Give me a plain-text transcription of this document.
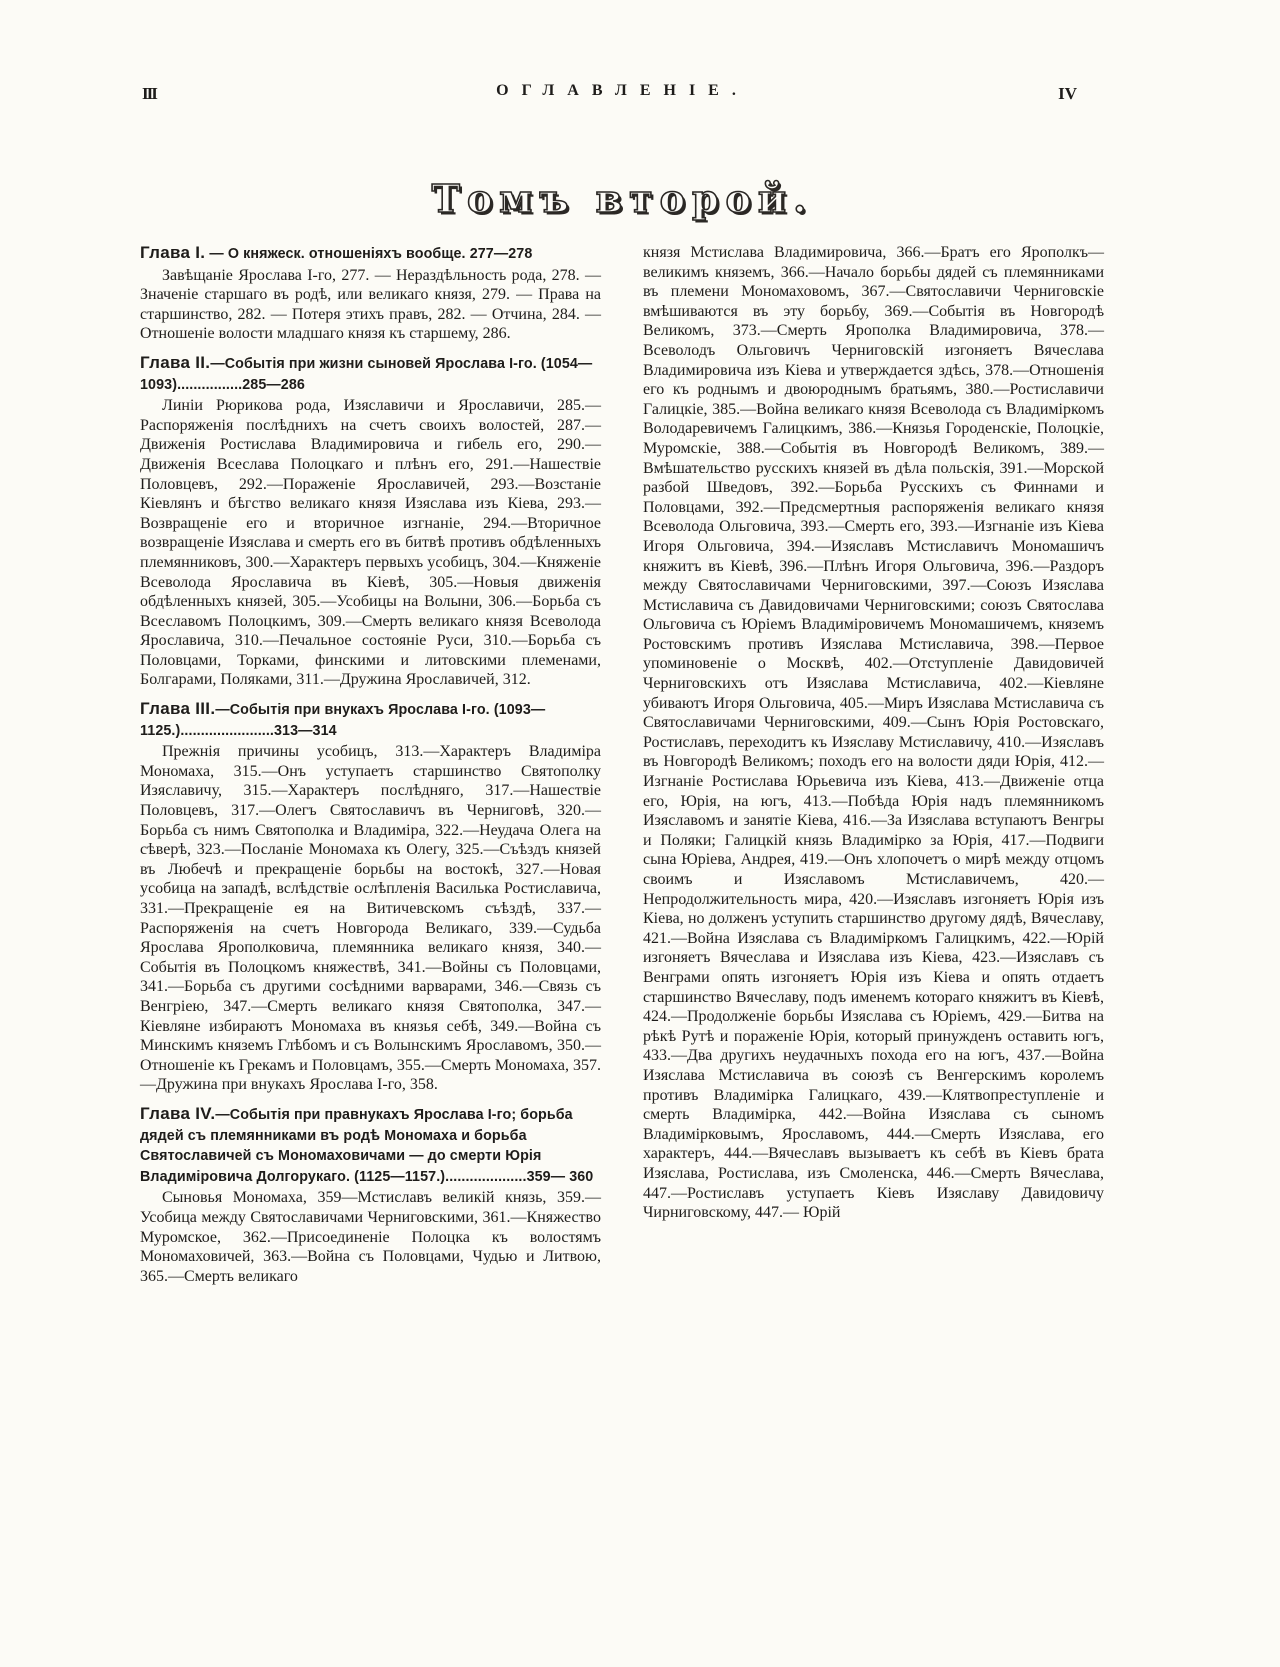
III	ОГЛАВЛЕНІЕ.	IV
Томъ второй.

Глава I. — О княжеск. отношеніяхъ вообще. 277—278

Завѣщаніе Ярослава I-го, 277. — Нераздѣльность рода, 278. — Значеніе старшаго въ родѣ, или великаго князя, 279. — Права на старшинство, 282. — Потеря этихъ правъ, 282. — Отчина, 284. — Отношеніе волости младшаго князя къ старшему, 286.

Глава II.—Событія при жизни сыновей Ярослава I-го. (1054—1093)................285—286

Линіи Рюрикова рода, Изяславичи и Ярославичи, 285.—Распоряженія послѣднихъ на счетъ своихъ волостей, 287.—Движенія Ростислава Владимировича и гибель его, 290.—Движенія Всеслава Полоцкаго и плѣнъ его, 291.—Нашествіе Половцевъ, 292.—Пораженіе Ярославичей, 293.—Возстаніе Кіевлянъ и бѣгство великаго князя Изяслава изъ Кіева, 293.—Возвращеніе его и вторичное изгнаніе, 294.—Вторичное возвращеніе Изяслава и смерть его въ битвѣ противъ обдѣленныхъ племянниковъ, 300.—Характеръ первыхъ усобицъ, 304.—Княженіе Всеволода Ярославича въ Кіевѣ, 305.—Новыя движенія обдѣленныхъ князей, 305.—Усобицы на Волыни, 306.—Борьба съ Всеславомъ Полоцкимъ, 309.—Смерть великаго князя Всеволода Ярославича, 310.—Печальное состояніе Руси, 310.—Борьба съ Половцами, Торками, финскими и литовскими племенами, Болгарами, Поляками, 311.—Дружина Ярославичей, 312.

Глава III.—Событія при внукахъ Ярослава I-го. (1093—1125.).......................313—314

Прежнія причины усобицъ, 313.—Характеръ Владиміра Мономаха, 315.—Онъ уступаетъ старшинство Святополку Изяславичу, 315.—Характеръ послѣдняго, 317.—Нашествіе Половцевъ, 317.—Олегъ Святославичъ въ Черниговѣ, 320.—Борьба съ нимъ Святополка и Владиміра, 322.—Неудача Олега на сѣверѣ, 323.—Посланіе Мономаха къ Олегу, 325.—Съѣздъ князей въ Любечѣ и прекращеніе борьбы на востокѣ, 327.—Новая усобица на западѣ, вслѣдствіе ослѣпленія Василька Ростиславича, 331.—Прекращеніе ея на Витичевскомъ съѣздѣ, 337.—Распоряженія на счетъ Новгорода Великаго, 339.—Судьба Ярослава Ярополковича, племянника великаго князя, 340.—Событія въ Полоцкомъ княжествѣ, 341.—Войны съ Половцами, 341.—Борьба съ другими сосѣдними варварами, 346.—Связь съ Венгріею, 347.—Смерть великаго князя Святополка, 347.—Кіевляне избираютъ Мономаха въ князья себѣ, 349.—Война съ Минскимъ княземъ Глѣбомъ и съ Волынскимъ Ярославомъ, 350.—Отношеніе къ Грекамъ и Половцамъ, 355.—Смерть Мономаха, 357.—Дружина при внукахъ Ярослава I-го, 358.

Глава IV.—Событія при правнукахъ Ярослава I-го; борьба дядей съ племянниками въ родѣ Мономаха и борьба Святославичей съ Мономаховичами — до смерти Юрія Владиміровича Долгорукаго. (1125—1157.)....................359— 360

Сыновья Мономаха, 359—Мстиславъ великій князь, 359.—Усобица между Святославичами Черниговскими, 361.—Княжество Муромское, 362.—Присоединеніе Полоцка къ волостямъ Мономаховичей, 363.—Война съ Половцами, Чудью и Литвою, 365.—Смерть великаго

князя Мстислава Владимировича, 366.—Братъ его Ярополкъ—великимъ княземъ, 366.—Начало борьбы дядей съ племянниками въ племени Мономаховомъ, 367.—Святославичи Черниговскіе вмѣшиваются въ эту борьбу, 369.—Событія въ Новгородѣ Великомъ, 373.—Смерть Ярополка Владимировича, 378.—Всеволодъ Ольговичъ Черниговскій изгоняетъ Вячеслава Владимировича изъ Кіева и утверждается здѣсь, 378.—Отношенія его къ роднымъ и двоюроднымъ братьямъ, 380.—Ростиславичи Галицкіе, 385.—Война великаго князя Всеволода съ Владиміркомъ Володаревичемъ Галицкимъ, 386.—Князья Городенскіе, Полоцкіе, Муромскіе, 388.—Событія въ Новгородѣ Великомъ, 389.—Вмѣшательство русскихъ князей въ дѣла польскія, 391.—Морской разбой Шведовъ, 392.—Борьба Русскихъ съ Финнами и Половцами, 392.—Предсмертныя распоряженія великаго князя Всеволода Ольговича, 393.—Смерть его, 393.—Изгнаніе изъ Кіева Игоря Ольговича, 394.—Изяславъ Мстиславичъ Мономашичъ княжитъ въ Кіевѣ, 396.—Плѣнъ Игоря Ольговича, 396.—Раздоръ между Святославичами Черниговскими, 397.—Союзъ Изяслава Мстиславича съ Давидовичами Черниговскими; союзъ Святослава Ольговича съ Юріемъ Владиміровичемъ Мономашичемъ, княземъ Ростовскимъ противъ Изяслава Мстиславича, 398.—Первое упоминовеніе о Москвѣ, 402.—Отступленіе Давидовичей Черниговскихъ отъ Изяслава Мстиславича, 402.—Кіевляне убиваютъ Игоря Ольговича, 405.—Миръ Изяслава Мстиславича съ Святославичами Черниговскими, 409.—Сынъ Юрія Ростовскаго, Ростиславъ, переходитъ къ Изяславу Мстиславичу, 410.—Изяславъ въ Новгородѣ Великомъ; походъ его на волости дяди Юрія, 412.—Изгнаніе Ростислава Юрьевича изъ Кіева, 413.—Движеніе отца его, Юрія, на югъ, 413.—Побѣда Юрія надъ племянникомъ Изяславомъ и занятіе Кіева, 416.—За Изяслава вступаютъ Венгры и Поляки; Галицкій князь Владимірко за Юрія, 417.—Подвиги сына Юріева, Андрея, 419.—Онъ хлопочетъ о мирѣ между отцомъ своимъ и Изяславомъ Мстиславичемъ, 420.—Непродолжительность мира, 420.—Изяславъ изгоняетъ Юрія изъ Кіева, но долженъ уступить старшинство другому дядѣ, Вячеславу, 421.—Война Изяслава съ Владиміркомъ Галицкимъ, 422.—Юрій изгоняетъ Вячеслава и Изяслава изъ Кіева, 423.—Изяславъ съ Венграми опять изгоняетъ Юрія изъ Кіева и опять отдаетъ старшинство Вячеславу, подъ именемъ котораго княжитъ въ Кіевѣ, 424.—Продолженіе борьбы Изяслава съ Юріемъ, 429.—Битва на рѣкѣ Рутѣ и пораженіе Юрія, который принужденъ оставить югъ, 433.—Два другихъ неудачныхъ похода его на югъ, 437.—Война Изяслава Мстиславича въ союзѣ съ Венгерскимъ королемъ противъ Владимірка Галицкаго, 439.—Клятвопреступленіе и смерть Владимірка, 442.—Война Изяслава съ сыномъ Владимірковымъ, Ярославомъ, 444.—Смерть Изяслава, его характеръ, 444.—Вячеславъ вызываетъ къ себѣ въ Кіевъ брата Изяслава, Ростислава, изъ Смоленска, 446.—Смерть Вячеслава, 447.—Ростиславъ уступаетъ Кіевъ Изяславу Давидовичу Чирниговскому, 447.— Юрій
